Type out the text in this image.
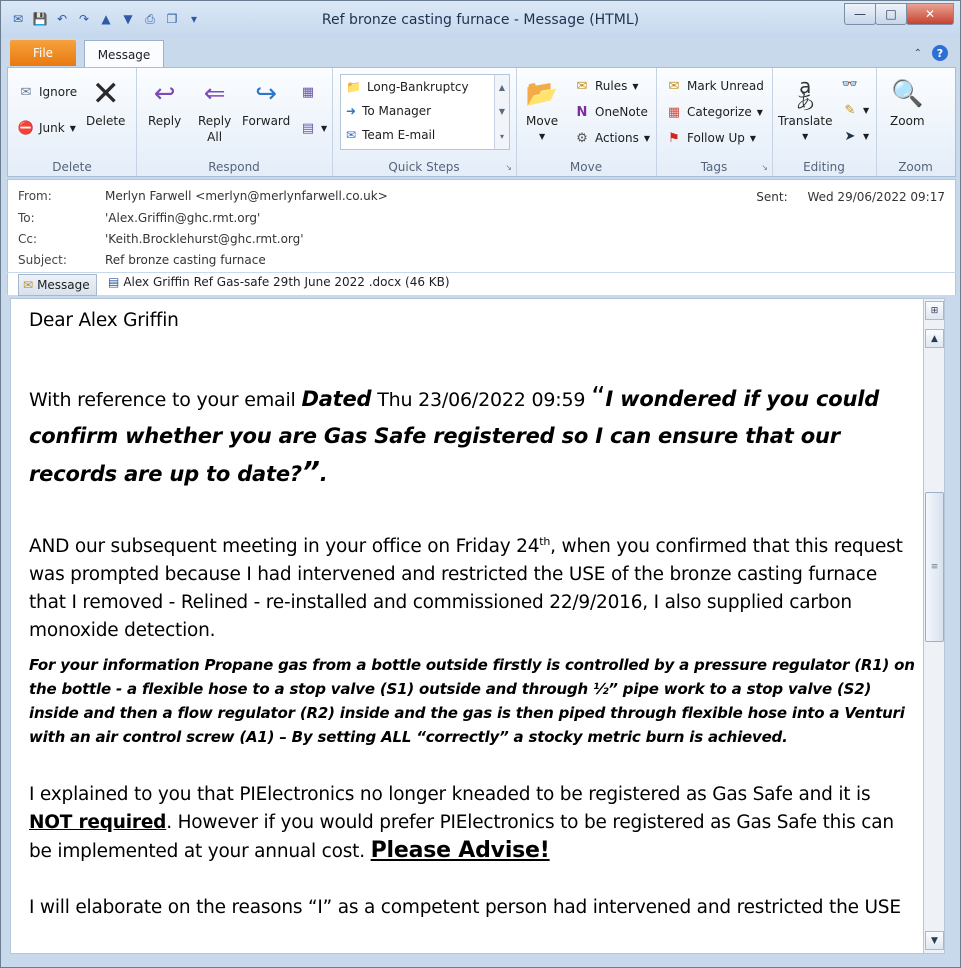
✉ 💾 ↶ ↷	▲	▼	⎙ ❐	▾	Ref bronze casting furnace - Message (HTML)	—	□	✕
File	Message	⌃	?
✉ Ignore
⛔ Junk ▼
✕
Delete
Delete
↩
Reply
⇐
Reply
All
↪
Forward
▦
▤ ▼
Respond
📁 Long-Bankruptcy
➜ To Manager
✉ Team E-mail
▲
▼
▾
Quick Steps	↘
📂
Move
▼
✉ Rules ▼
N OneNote
⚙ Actions ▼
Move
✉ Mark Unread
▦ Categorize ▼
⚑ Follow Up ▼
Tags	↘
aあ
Translate
▼
👓
✎ ▼
➤ ▼
Editing
🔍
Zoom
Zoom
From:	Merlyn Farwell <merlyn@merlynfarwell.co.uk>
To:	'Alex.Griffin@ghc.rmt.org'
Cc:	'Keith.Brocklehurst@ghc.rmt.org'
Subject:	Ref bronze casting furnace
Sent: Wed 29/06/2022 09:17
✉ Message ▤ Alex Griffin Ref Gas-safe 29th June 2022 .docx (46 KB)

Dear Alex Griffin

With reference to your email Dated Thu 23/06/2022 09:59 “I wondered if you could confirm whether you are Gas Safe registered so I can ensure that our records are up to date?”.

AND our subsequent meeting in your office on Friday 24th, when you confirmed that this request was prompted because I had intervened and restricted the USE of the bronze casting furnace that I removed - Relined - re-installed and commissioned 22/9/2016, I also supplied carbon monoxide detection.

For your information Propane gas from a bottle outside firstly is controlled by a pressure regulator (R1) on the bottle - a flexible hose to a stop valve (S1) outside and through ½” pipe work to a stop valve (S2) inside and then a flow regulator (R2) inside and the gas is then piped through flexible hose into a Venturi with an air control screw (A1) – By setting ALL “correctly” a stocky metric burn is achieved.

I explained to you that PIElectronics no longer kneaded to be registered as Gas Safe and it is NOT required. However if you would prefer PIElectronics to be registered as Gas Safe this can be implemented at your annual cost. Please Advise!

I will elaborate on the reasons “I” as a competent person had intervened and restricted the USE

⊞
▲
≡
▼
